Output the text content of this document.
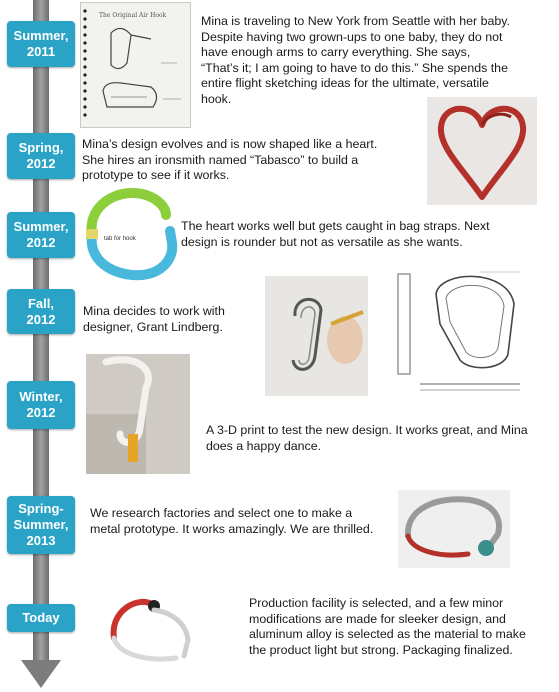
Summer,
2011
Spring,
2012
Summer,
2012
Fall,
2012
Winter,
2012
Spring-
Summer,
2013
Today
Mina is traveling to New York from Seattle with her baby. Despite having two grown-ups to one baby, they do not have enough arms to carry everything. She says, “That’s it; I am going to have to do this.” She spends the entire flight sketching ideas for the ultimate, versatile hook.
Mina’s design evolves and is now shaped like a heart. She hires an ironsmith named “Tabasco” to build a prototype to see if it works.
The heart works well but gets caught in bag straps. Next design is rounder but not as versatile as she wants.
Mina decides to work with designer, Grant Lindberg.
A 3-D print to test the new design. It works great, and Mina does a happy dance.
We research factories and select one to make a metal prototype. It works amazingly. We are thrilled.
Production facility is selected, and a few minor modifications are made for sleeker design, and aluminum alloy is selected as the material to make the product light but strong. Packaging finalized.
The Original Air Hook
tab for hook
